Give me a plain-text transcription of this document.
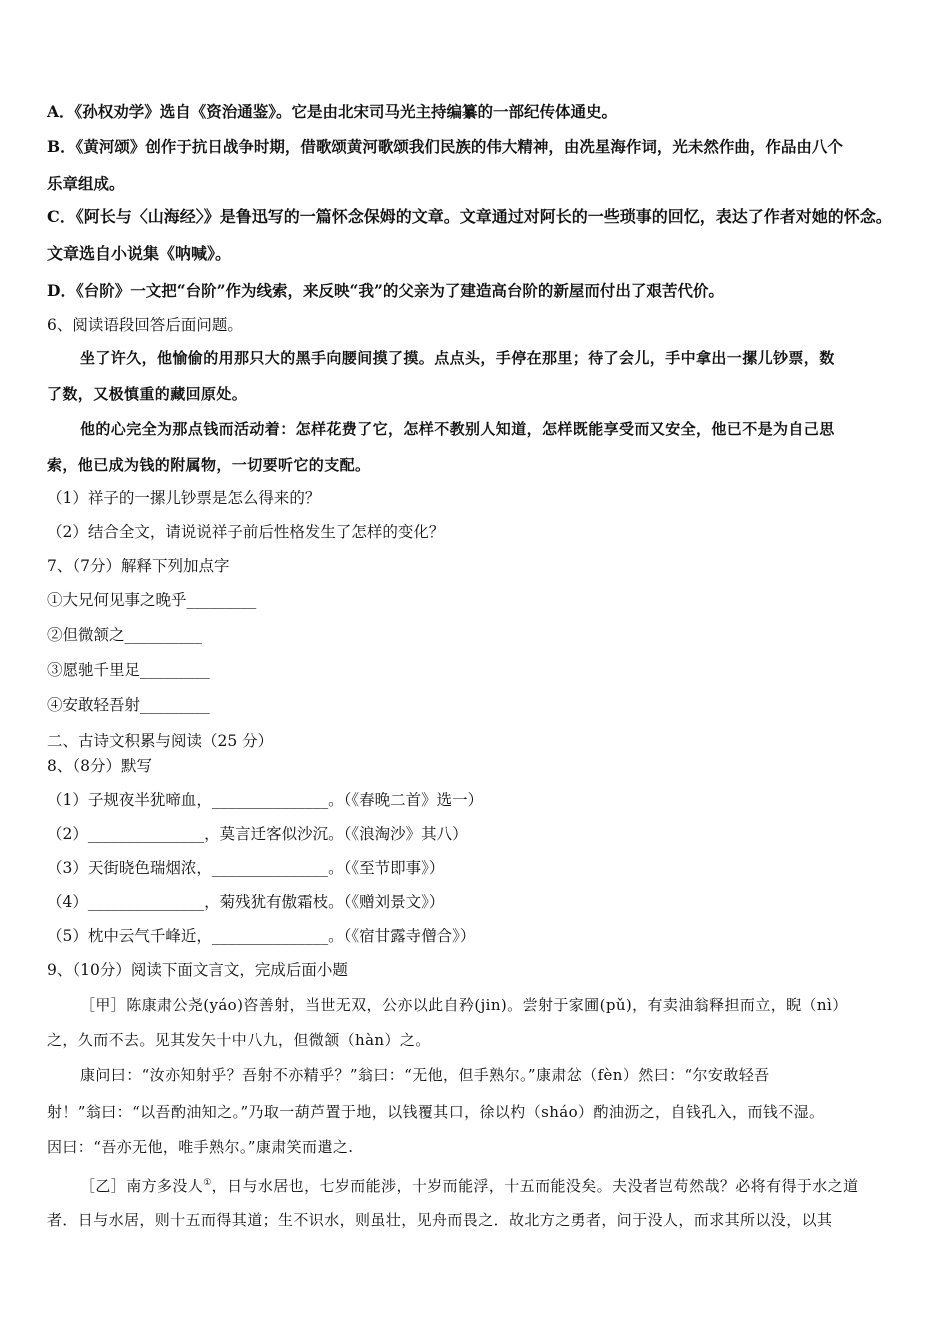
A．《孙权劝学》选自《资治通鉴》。它是由北宋司马光主持编纂的一部纪传体通史。
B．《黄河颂》创作于抗日战争时期，借歌颂黄河歌颂我们民族的伟大精神，由冼星海作词，光未然作曲，作品由八个
乐章组成。
C．《阿长与〈山海经〉》是鲁迅写的一篇怀念保姆的文章。文章通过对阿长的一些琐事的回忆，表达了作者对她的怀念。
文章选自小说集《呐喊》。
D．《台阶》一文把“台阶”作为线索，来反映“我”的父亲为了建造高台阶的新屋而付出了艰苦代价。
6、阅读语段回答后面问题。
坐了许久，他愉偷的用那只大的黑手向腰间摸了摸。点点头，手停在那里；待了会儿，手中拿出一摞儿钞票，数
了数，又极慎重的藏回原处。
他的心完全为那点钱而活动着：怎样花费了它，怎样不教别人知道，怎样既能享受而又安全，他已不是为自己思
索，他已成为钱的附属物，一切要听它的支配。
（1）祥子的一摞儿钞票是怎么得来的？
（2）结合全文，请说说祥子前后性格发生了怎样的变化？
7、（7分）解释下列加点字
①大兄何见事之晚乎_________
②但微颔之__________
③愿驰千里足_________
④安敢轻吾射_________
二、古诗文积累与阅读（25 分）
8、（8分）默写
（1）子规夜半犹啼血，_______________。（《春晚二首》选一）
（2）_______________，莫言迁客似沙沉。（《浪淘沙》其八）
（3）天街晓色瑞烟浓，_______________。（《至节即事》）
（4）_______________，菊残犹有傲霜枝。（《赠刘景文》）
（5）枕中云气千峰近，_______________。（《宿甘露寺僧合》）
9、（10分）阅读下面文言文，完成后面小题
［甲］陈康肃公尧(yáo)咨善射，当世无双，公亦以此自矜(jin)。尝射于家圃(pǔ)，有卖油翁释担而立，睨（nì）
之，久而不去。见其发矢十中八九，但微颔（hàn）之。
康问曰：“汝亦知射乎？吾射不亦精乎？”翁曰：“无他，但手熟尔。”康肃忿（fèn）然曰：“尔安敢轻吾
射！”翁曰：“以吾酌油知之。”乃取一葫芦置于地，以钱覆其口，徐以杓（sháo）酌油沥之，自钱孔入，而钱不湿。
因曰：“吾亦无他，唯手熟尔。”康肃笑而遣之.
［乙］南方多没人①，日与水居也，七岁而能涉，十岁而能浮，十五而能没矣。夫没者岂苟然哉？必将有得于水之道
者．日与水居，则十五而得其道；生不识水，则虽壮，见舟而畏之．故北方之勇者，问于没人，而求其所以没，以其
